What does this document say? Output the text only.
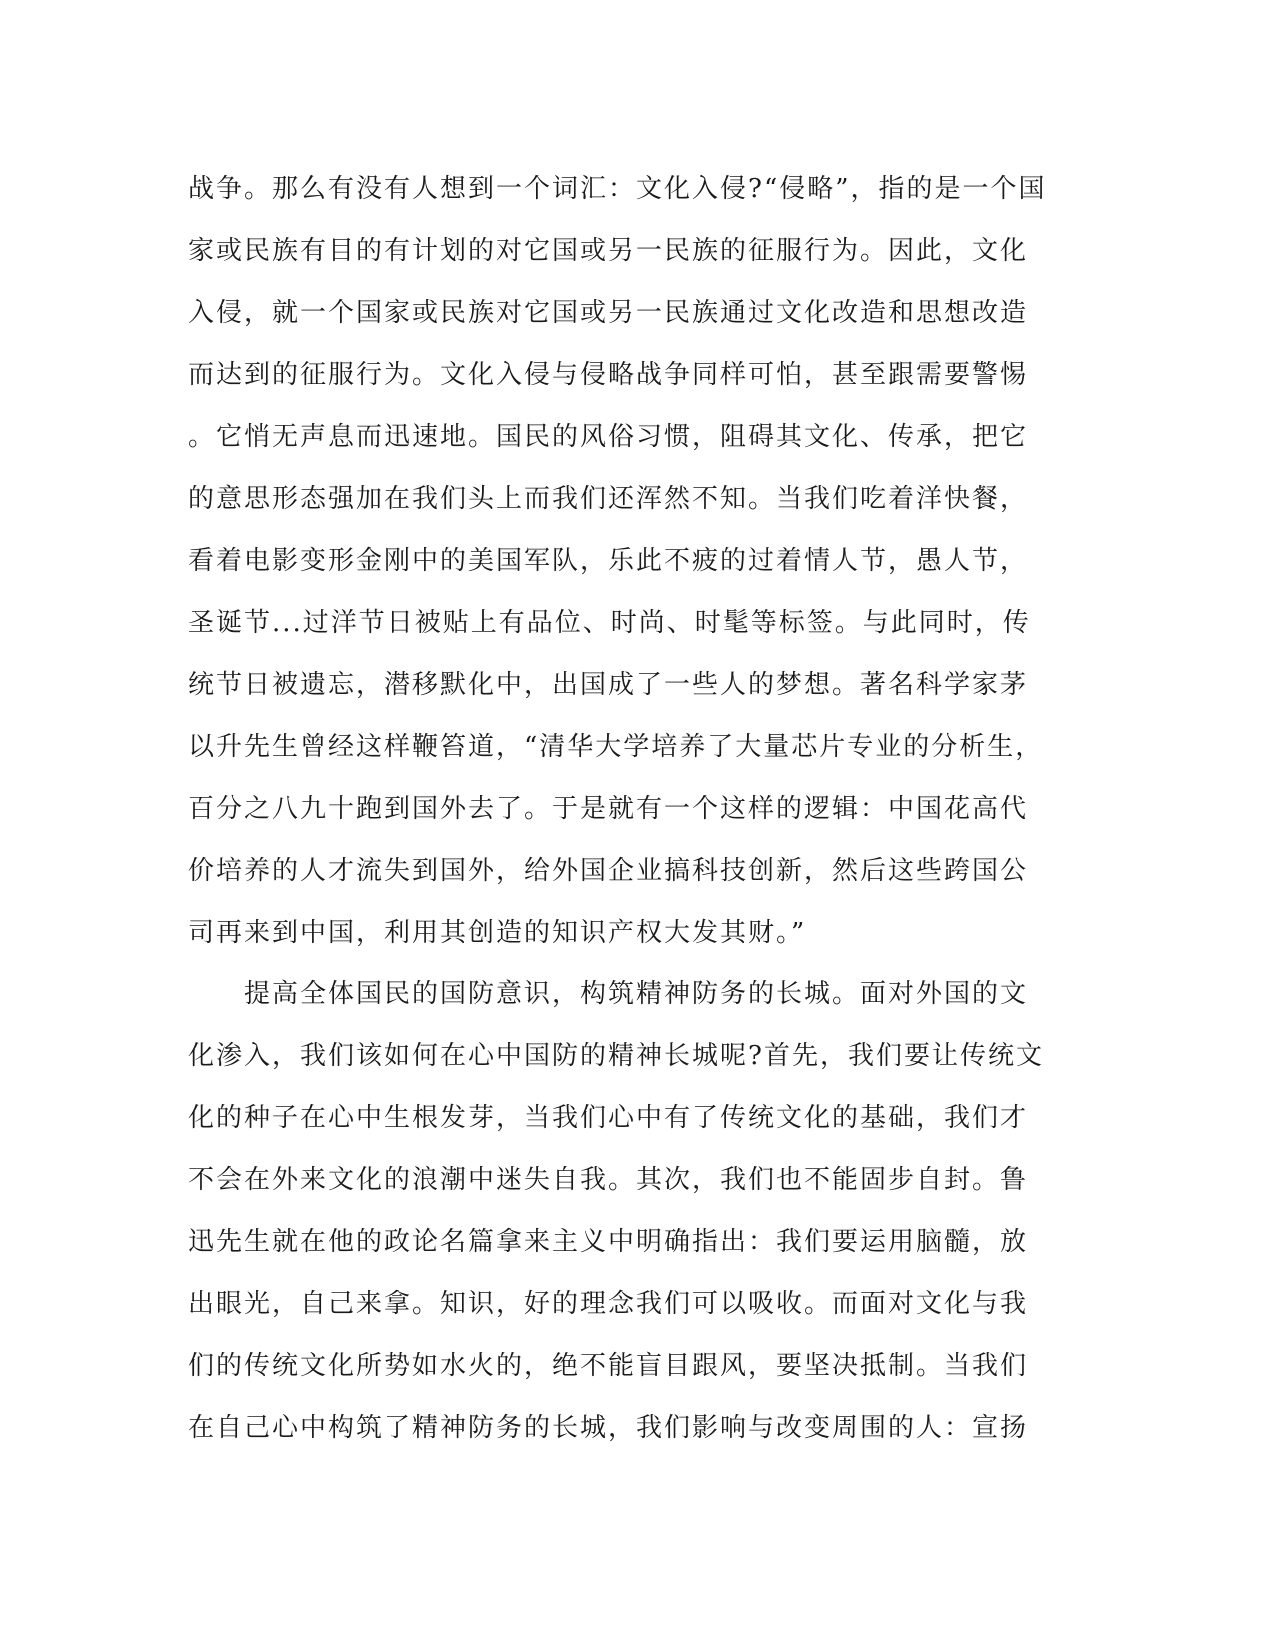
战争。那么有没有人想到一个词汇：文化入侵?“侵略”，指的是一个国
家或民族有目的有计划的对它国或另一民族的征服行为。因此，文化
入侵，就一个国家或民族对它国或另一民族通过文化改造和思想改造
而达到的征服行为。文化入侵与侵略战争同样可怕，甚至跟需要警惕
。它悄无声息而迅速地。国民的风俗习惯，阻碍其文化、传承，把它
的意思形态强加在我们头上而我们还浑然不知。当我们吃着洋快餐，
看着电影变形金刚中的美国军队，乐此不疲的过着情人节，愚人节，
圣诞节...过洋节日被贴上有品位、时尚、时髦等标签。与此同时，传
统节日被遗忘，潜移默化中，出国成了一些人的梦想。著名科学家茅
以升先生曾经这样鞭笞道，“清华大学培养了大量芯片专业的分析生，
百分之八九十跑到国外去了。于是就有一个这样的逻辑：中国花高代
价培养的人才流失到国外，给外国企业搞科技创新，然后这些跨国公
司再来到中国，利用其创造的知识产权大发其财。”
　　提高全体国民的国防意识，构筑精神防务的长城。面对外国的文
化渗入，我们该如何在心中国防的精神长城呢?首先，我们要让传统文
化的种子在心中生根发芽，当我们心中有了传统文化的基础，我们才
不会在外来文化的浪潮中迷失自我。其次，我们也不能固步自封。鲁
迅先生就在他的政论名篇拿来主义中明确指出：我们要运用脑髓，放
出眼光，自己来拿。知识，好的理念我们可以吸收。而面对文化与我
们的传统文化所势如水火的，绝不能盲目跟风，要坚决抵制。当我们
在自己心中构筑了精神防务的长城，我们影响与改变周围的人：宣扬
